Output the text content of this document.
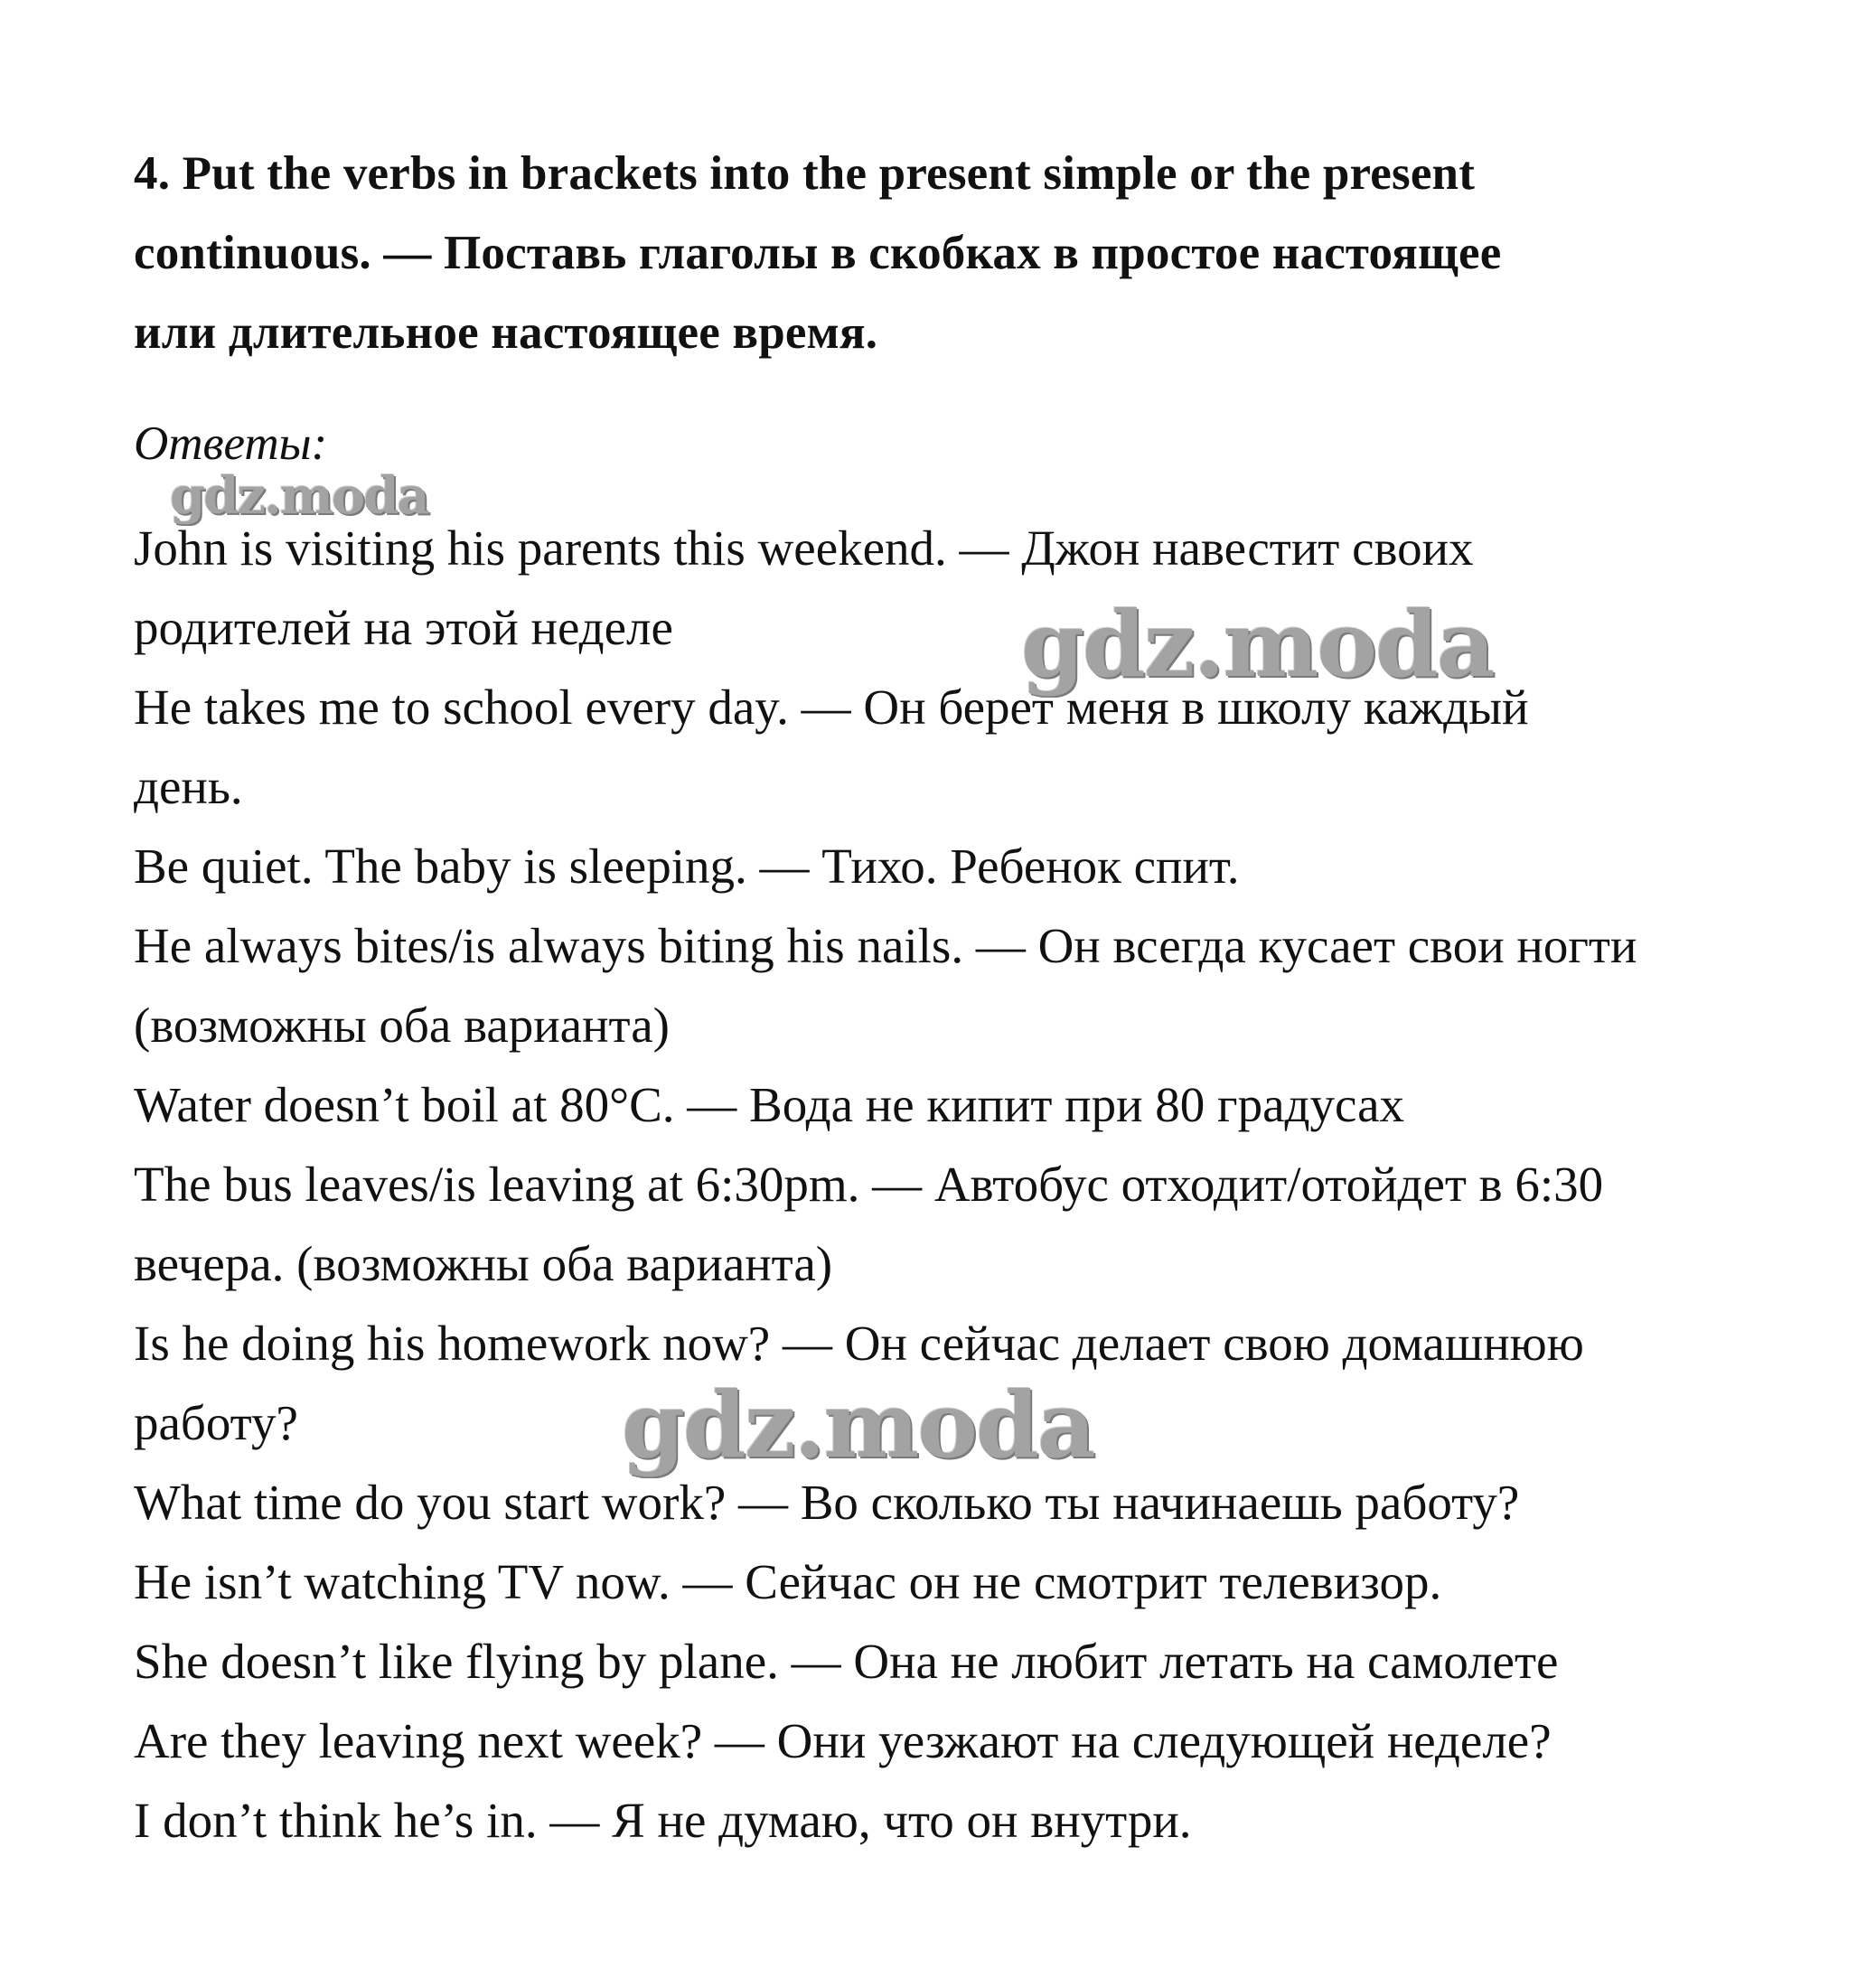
4. Put the verbs in brackets into the present simple or the present
continuous. — Поставь глаголы в скобках в простое настоящее
или длительное настоящее время.
Ответы:
John is visiting his parents this weekend. — Джон навестит своих
родителей на этой неделе
He takes me to school every day. — Он берет меня в школу каждый
день.
Be quiet. The baby is sleeping. — Тихо. Ребенок спит.
He always bites/is always biting his nails. — Он всегда кусает свои ногти
(возможны оба варианта)
Water doesn’t boil at 80°C. — Вода не кипит при 80 градусах
The bus leaves/is leaving at 6:30pm. — Автобус отходит/отойдет в 6:30
вечера. (возможны оба варианта)
Is he doing his homework now? — Он сейчас делает свою домашнюю
работу?
What time do you start work? — Во сколько ты начинаешь работу?
He isn’t watching TV now. — Сейчас он не смотрит телевизор.
She doesn’t like flying by plane. — Она не любит летать на самолете
Are they leaving next week? — Они уезжают на следующей неделе?
I don’t think he’s in. — Я не думаю, что он внутри.
gdz.moda
gdz.moda
gdz.moda
